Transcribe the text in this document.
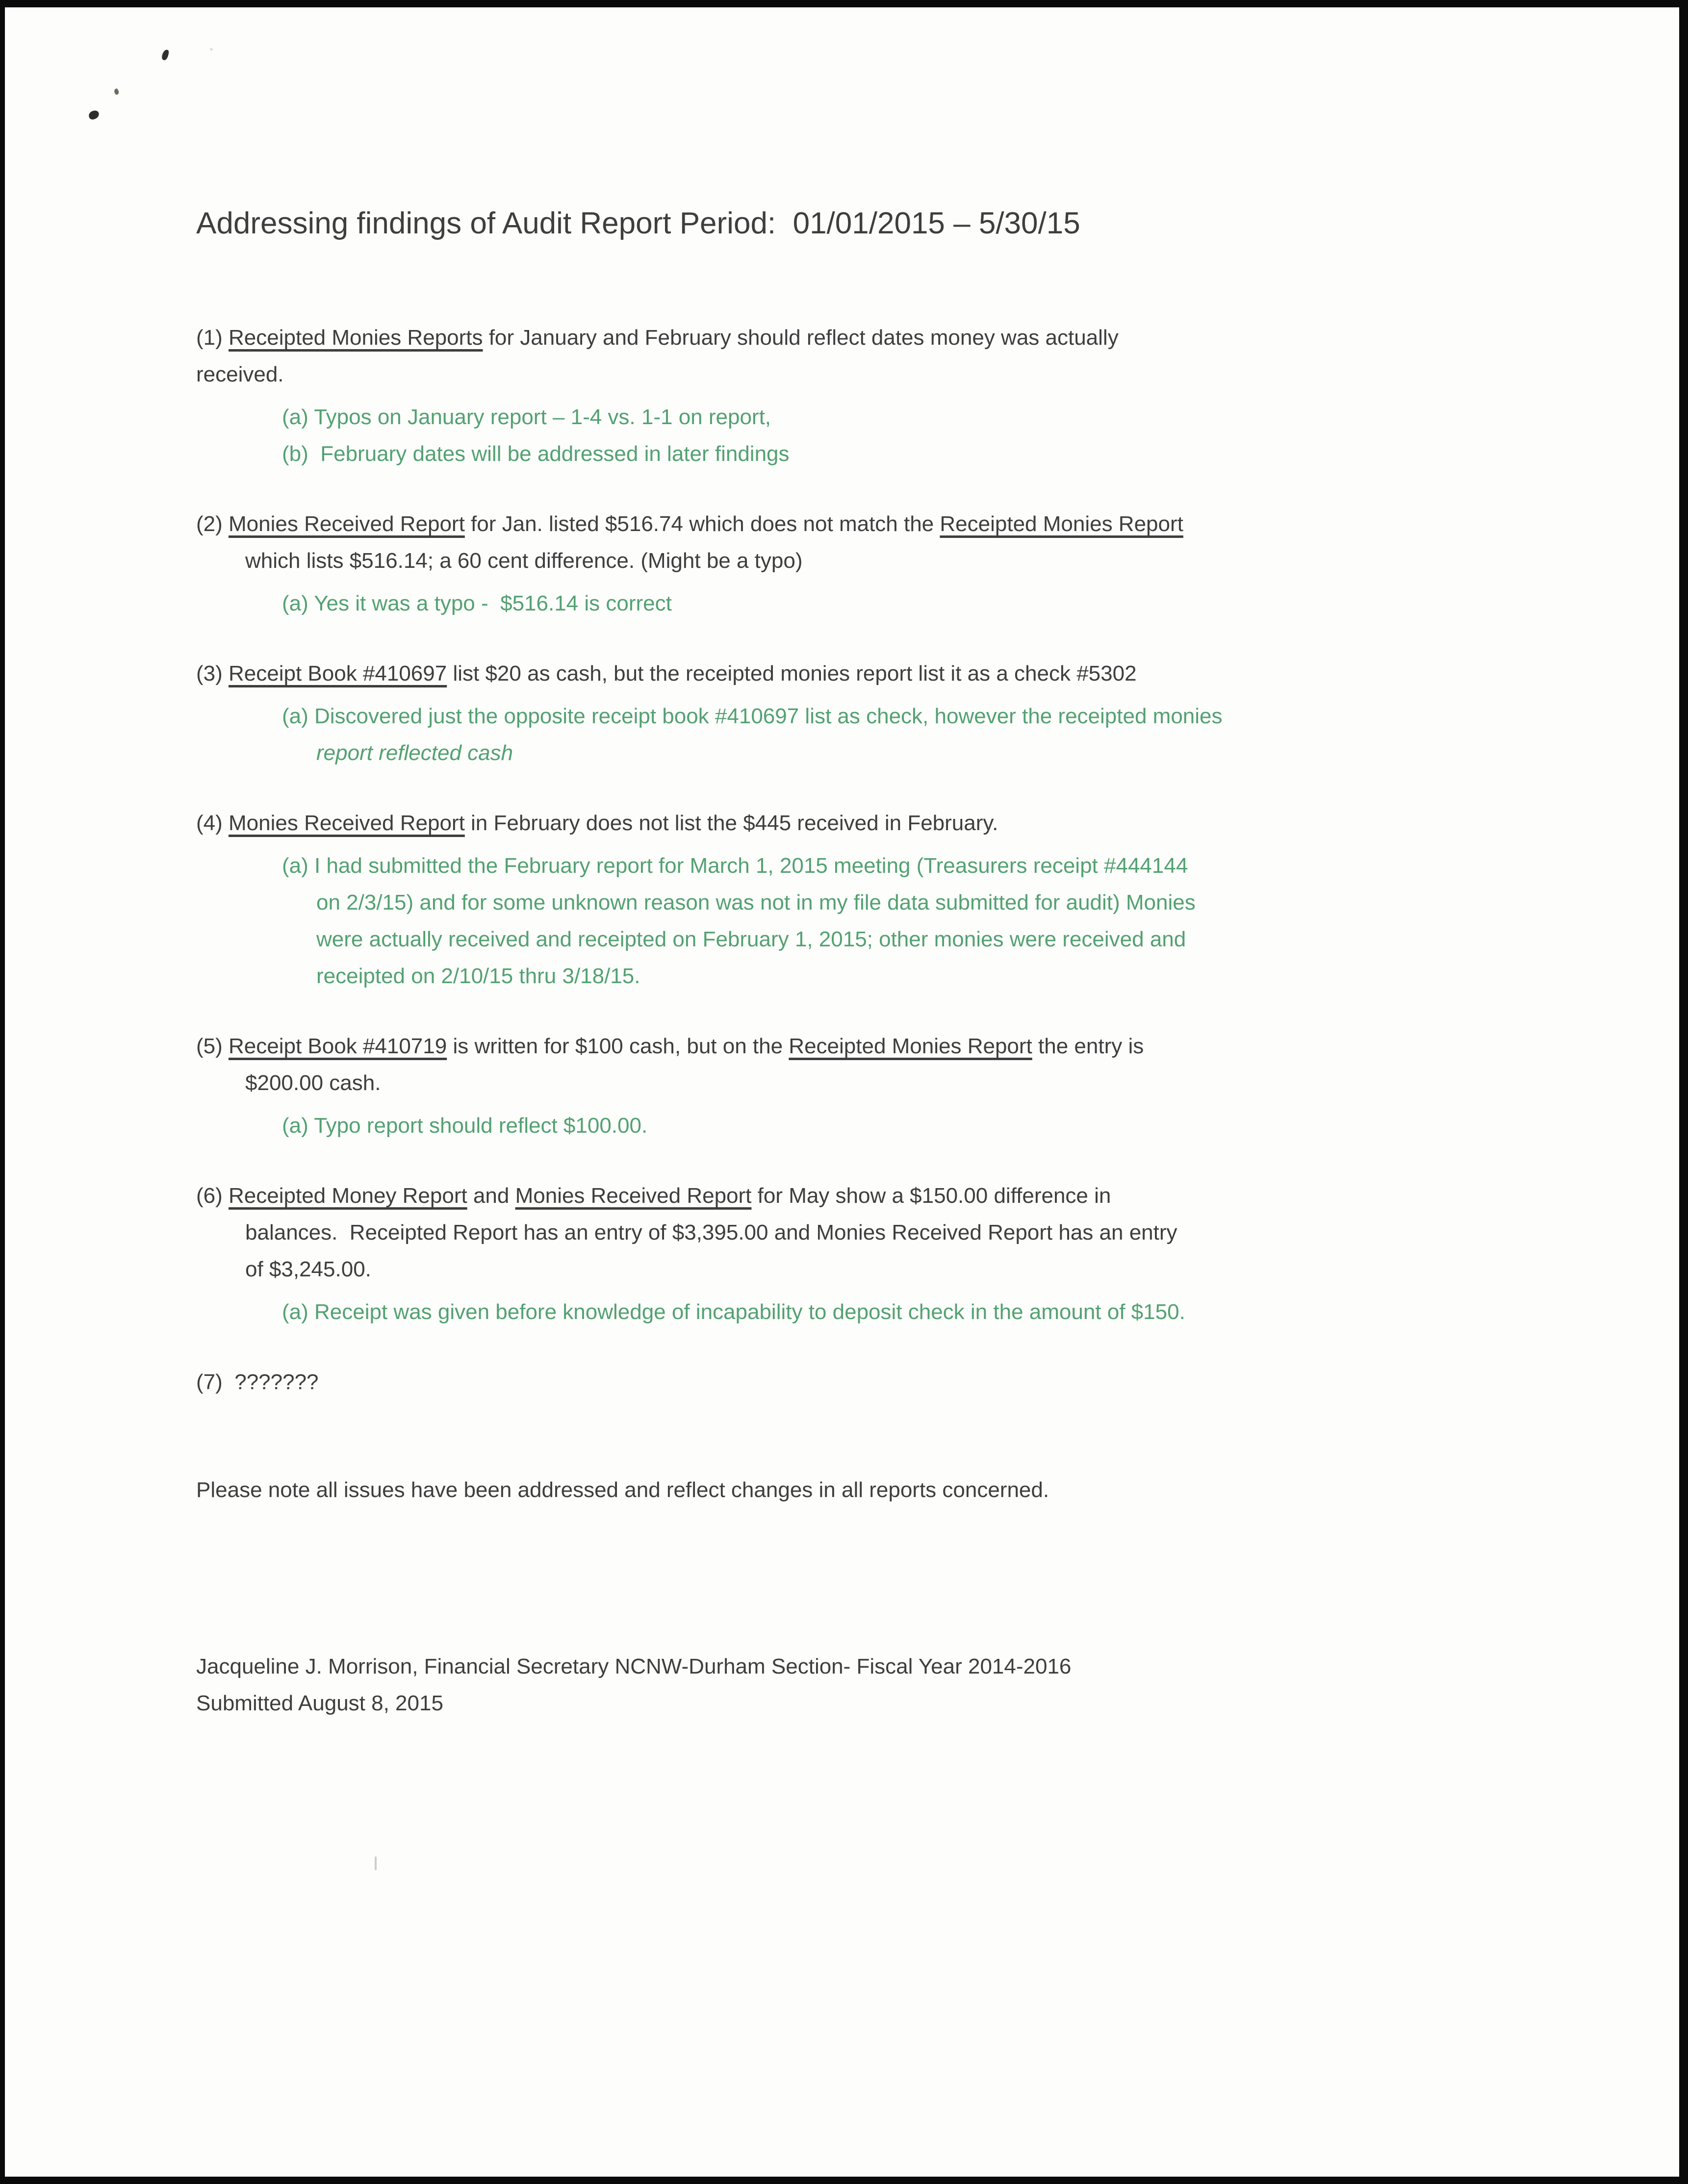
Addressing findings of Audit Report Period:  01/01/2015 – 5/30/15
(1) Receipted Monies Reports for January and February should reflect dates money was actually
received.
(a) Typos on January report – 1-4 vs. 1-1 on report,
(b)  February dates will be addressed in later findings
(2) Monies Received Report for Jan. listed $516.74 which does not match the Receipted Monies Report
which lists $516.14; a 60 cent difference. (Might be a typo)
(a) Yes it was a typo -  $516.14 is correct
(3) Receipt Book #410697 list $20 as cash, but the receipted monies report list it as a check #5302
(a) Discovered just the opposite receipt book #410697 list as check, however the receipted monies
report reflected cash
(4) Monies Received Report in February does not list the $445 received in February.
(a) I had submitted the February report for March 1, 2015 meeting (Treasurers receipt #444144
on 2/3/15) and for some unknown reason was not in my file data submitted for audit) Monies
were actually received and receipted on February 1, 2015; other monies were received and
receipted on 2/10/15 thru 3/18/15.
(5) Receipt Book #410719 is written for $100 cash, but on the Receipted Monies Report the entry is
$200.00 cash.
(a) Typo report should reflect $100.00.
(6) Receipted Money Report and Monies Received Report for May show a $150.00 difference in
balances.  Receipted Report has an entry of $3,395.00 and Monies Received Report has an entry
of $3,245.00.
(a) Receipt was given before knowledge of incapability to deposit check in the amount of $150.
(7)  ???????

Please note all issues have been addressed and reflect changes in all reports concerned.

Jacqueline J. Morrison, Financial Secretary NCNW-Durham Section- Fiscal Year 2014-2016
Submitted August 8, 2015
